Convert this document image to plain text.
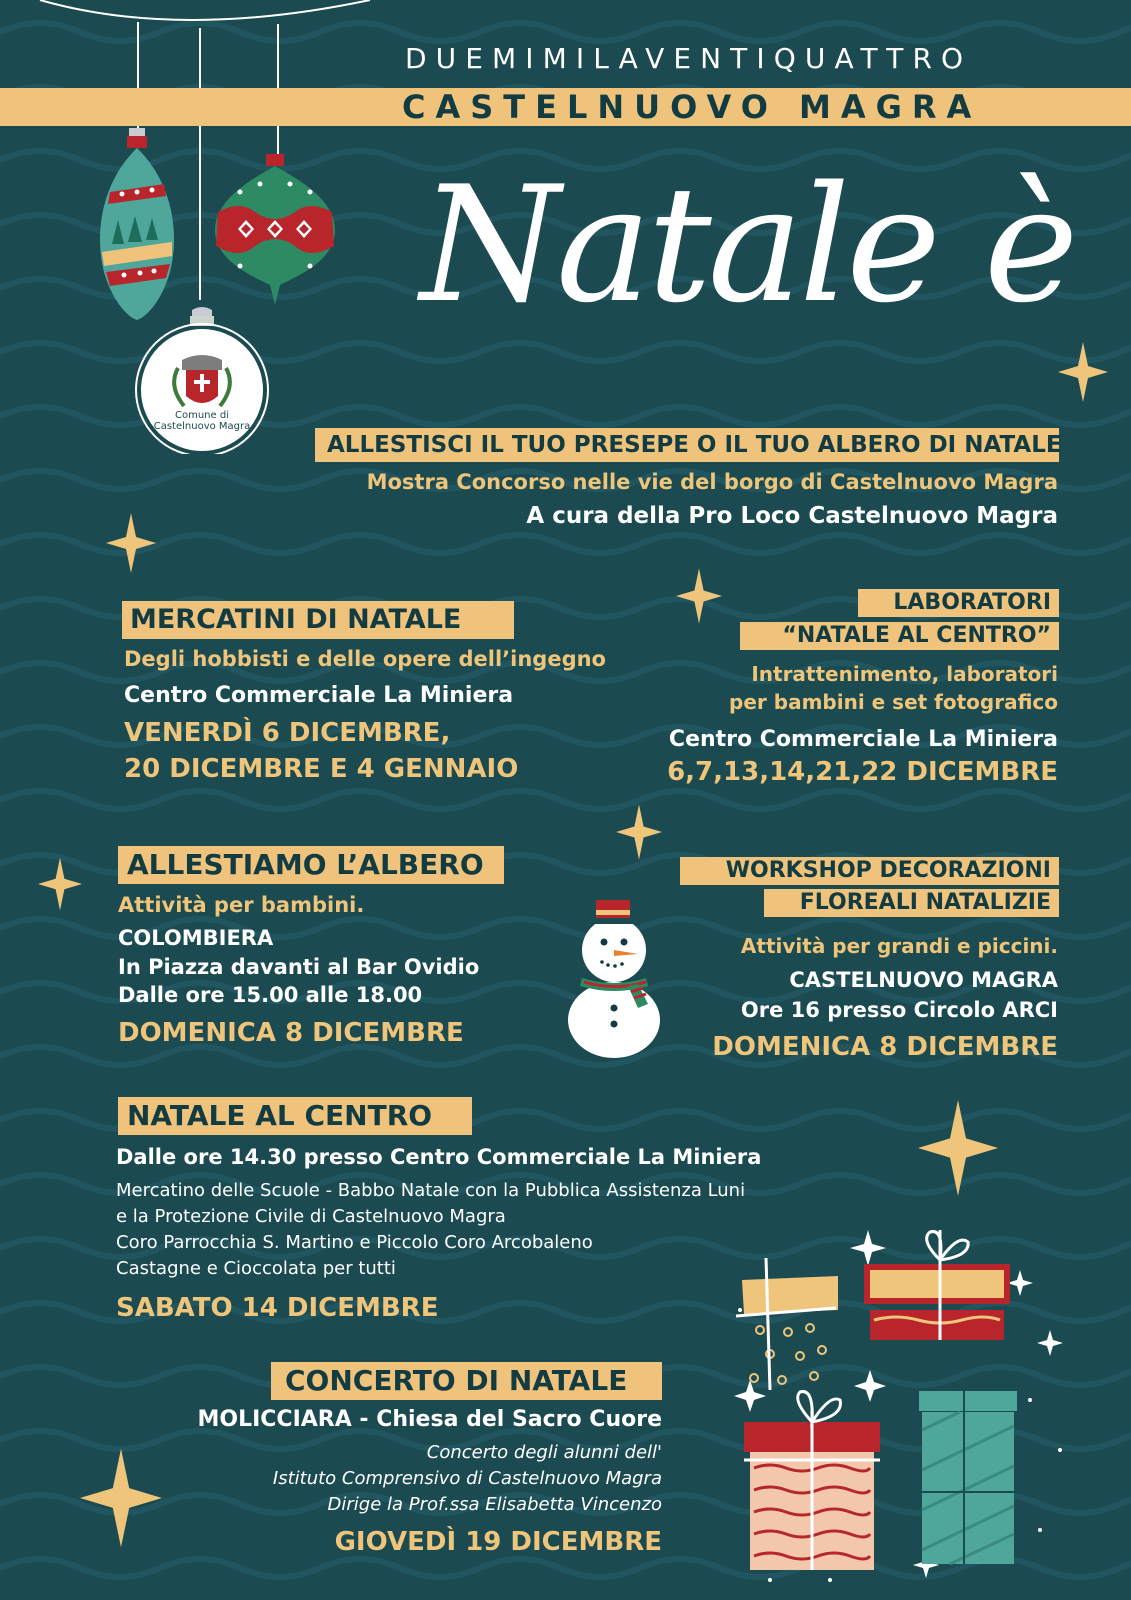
Comune di
Castelnuovo Magra
DUEMIMILAVENTIQUATTRO
CASTELNUOVO MAGRA
Natale è
ALLESTISCI IL TUO PRESEPE O IL TUO ALBERO DI NATALE
Mostra Concorso nelle vie del borgo di Castelnuovo Magra
A cura della Pro Loco Castelnuovo Magra
MERCATINI DI NATALE
Degli hobbisti e delle opere dell’ingegno
Centro Commerciale La Miniera
VENERDÌ 6 DICEMBRE,
20 DICEMBRE E 4 GENNAIO
LABORATORI
“NATALE AL CENTRO”
Intrattenimento, laboratori
per bambini e set fotografico
Centro Commerciale La Miniera
6,7,13,14,21,22 DICEMBRE
ALLESTIAMO L’ALBERO
Attività per bambini.
COLOMBIERA
In Piazza davanti al Bar Ovidio
Dalle ore 15.00 alle 18.00
DOMENICA 8 DICEMBRE
WORKSHOP DECORAZIONI
FLOREALI NATALIZIE
Attività per grandi e piccini.
CASTELNUOVO MAGRA
Ore 16 presso Circolo ARCI
DOMENICA 8 DICEMBRE
NATALE AL CENTRO
Dalle ore 14.30 presso Centro Commerciale La Miniera
Mercatino delle Scuole - Babbo Natale con la Pubblica Assistenza Luni
e la Protezione Civile di Castelnuovo Magra
Coro Parrocchia S. Martino e Piccolo Coro Arcobaleno
Castagne e Cioccolata per tutti
SABATO 14 DICEMBRE
CONCERTO DI NATALE
MOLICCIARA - Chiesa del Sacro Cuore
Concerto degli alunni dell'
Istituto Comprensivo di Castelnuovo Magra
Dirige la Prof.ssa Elisabetta Vincenzo
GIOVEDÌ 19 DICEMBRE
